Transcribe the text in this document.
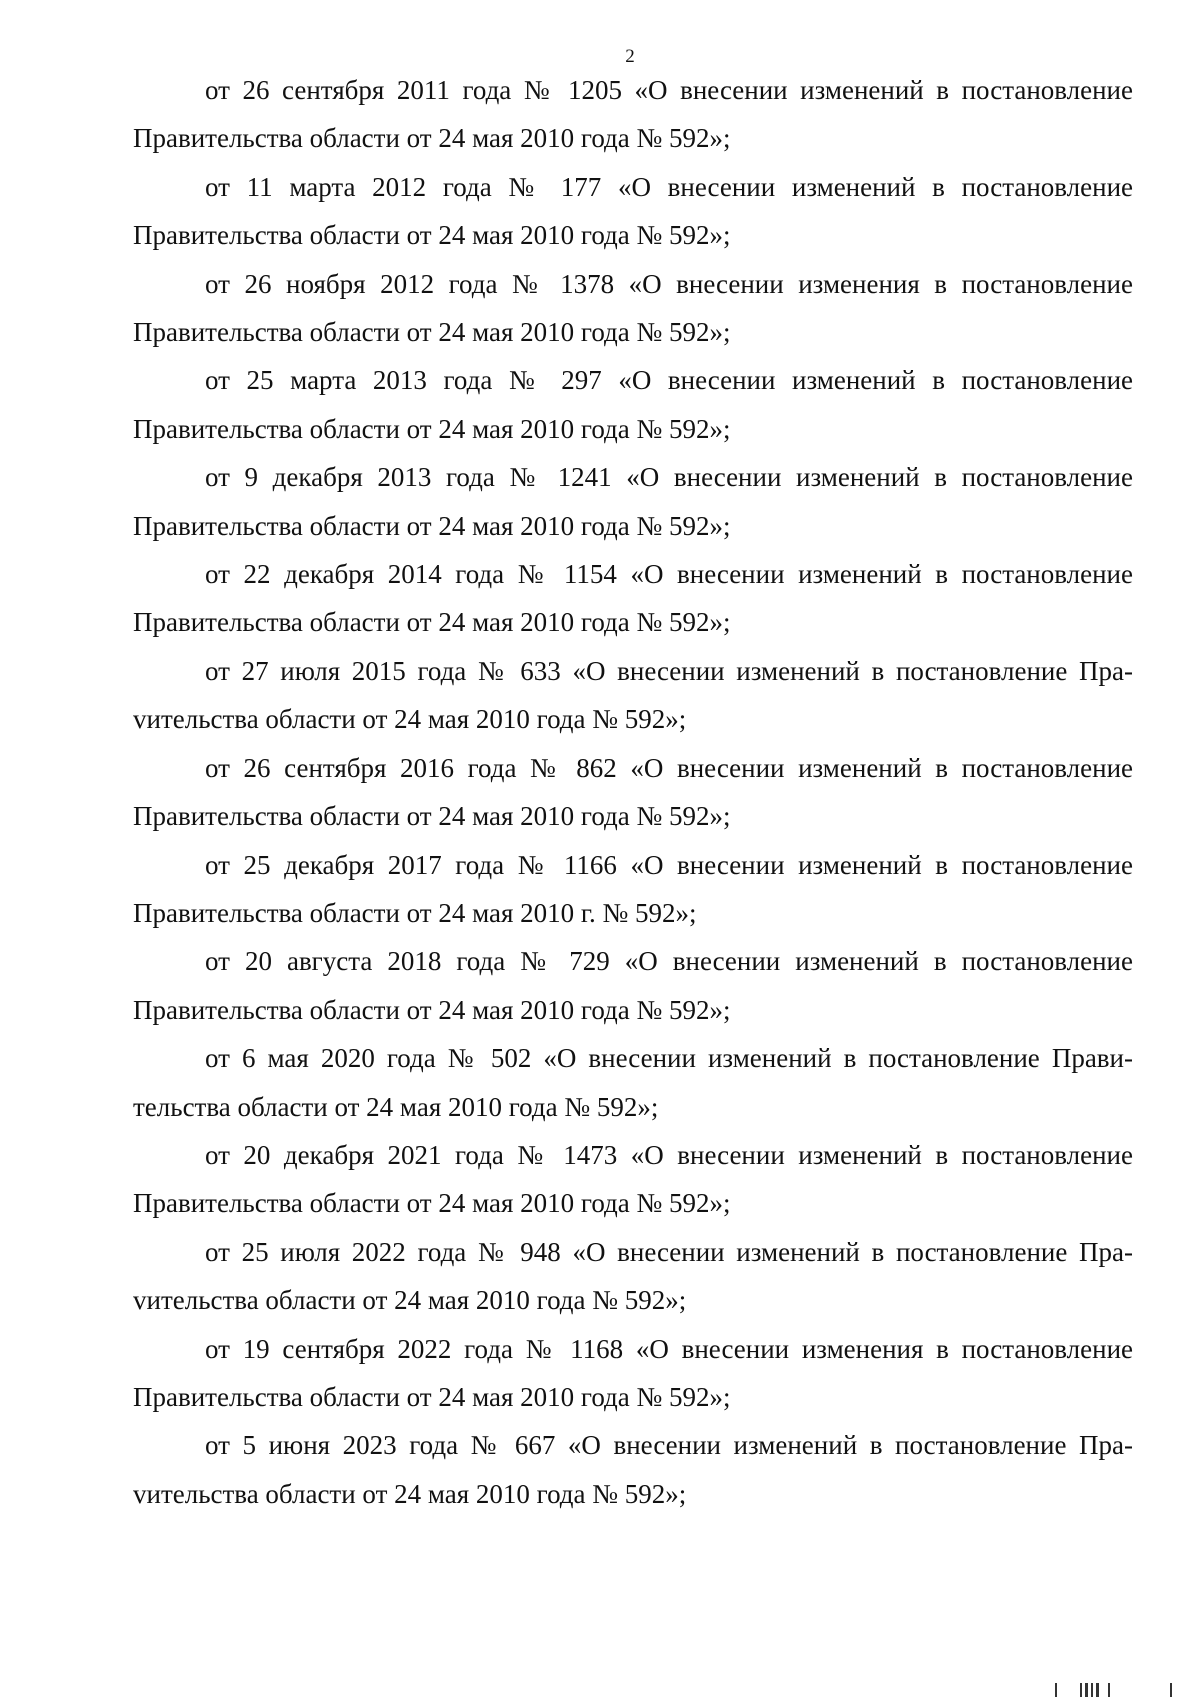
2

от 26 сентября 2011 года № 1205 «О внесении изменений в постановление Правительства области от 24 мая 2010 года № 592»;

от 11 марта 2012 года № 177 «О внесении изменений в постановление Правительства области от 24 мая 2010 года № 592»;

от 26 ноября 2012 года № 1378 «О внесении изменения в постановление Правительства области от 24 мая 2010 года № 592»;

от 25 марта 2013 года № 297 «О внесении изменений в постановление Правительства области от 24 мая 2010 года № 592»;

от 9 декабря 2013 года № 1241 «О внесении изменений в постановление Правительства области от 24 мая 2010 года № 592»;

от 22 декабря 2014 года № 1154 «О внесении изменений в постановление Правительства области от 24 мая 2010 года № 592»;

от 27 июля 2015 года № 633 «О внесении изменений в постановление Праvительства области от 24 мая 2010 года № 592»;

от 26 сентября 2016 года № 862 «О внесении изменений в постановление Правительства области от 24 мая 2010 года № 592»;

от 25 декабря 2017 года № 1166 «О внесении изменений в постановление Правительства области от 24 мая 2010 г. № 592»;

от 20 августа 2018 года № 729 «О внесении изменений в постановление Правительства области от 24 мая 2010 года № 592»;

от 6 мая 2020 года № 502 «О внесении изменений в постановление Правительства области от 24 мая 2010 года № 592»;

от 20 декабря 2021 года № 1473 «О внесении изменений в постановление Правительства области от 24 мая 2010 года № 592»;

от 25 июля 2022 года № 948 «О внесении изменений в постановление Праvительства области от 24 мая 2010 года № 592»;

от 19 сентября 2022 года № 1168 «О внесении изменения в постановление Правительства области от 24 мая 2010 года № 592»;

от 5 июня 2023 года № 667 «О внесении изменений в постановление Праvительства области от 24 мая 2010 года № 592»;
